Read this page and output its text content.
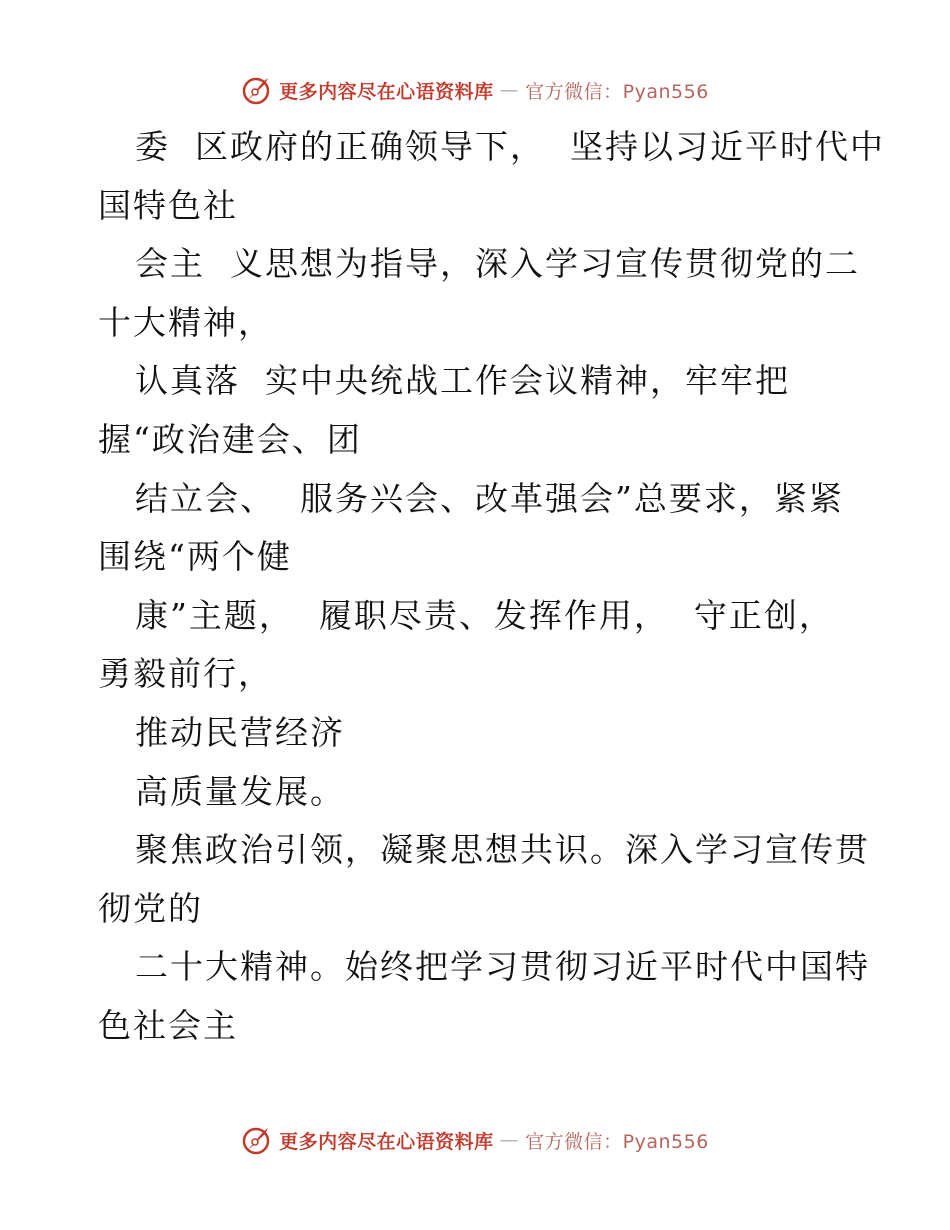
更多内容尽在心语资料库 — 官方微信：Pyan556
委  区政府的正确领导下，  坚持以习近平时代中
国特色社
会主  义思想为指导，深入学习宣传贯彻党的二
十大精神，
认真落  实中央统战工作会议精神，牢牢把
握“政治建会、团
结立会、  服务兴会、改革强会”总要求，紧紧
围绕“两个健
康”主题，  履职尽责、发挥作用，  守正创，
勇毅前行，
推动民营经济
高质量发展。
聚焦政治引领，凝聚思想共识。深入学习宣传贯
彻党的
二十大精神。始终把学习贯彻习近平时代中国特
色社会主
更多内容尽在心语资料库 — 官方微信：Pyan556
